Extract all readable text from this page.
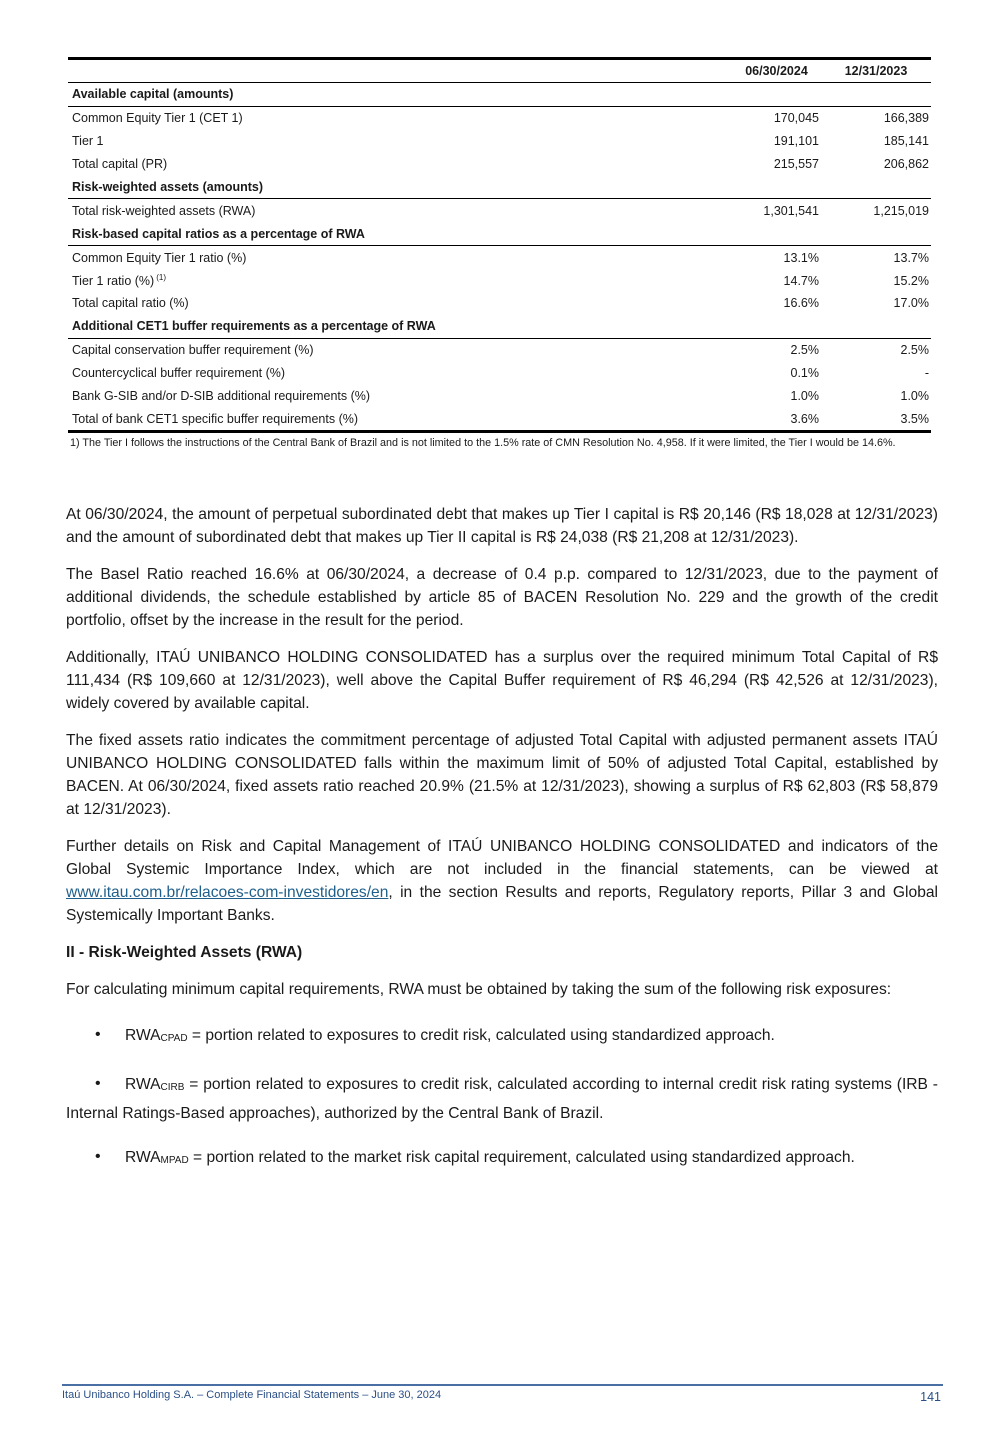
	06/30/2024	12/31/2023
Available capital (amounts)		
Common Equity Tier 1 (CET 1)	170,045	166,389
Tier 1	191,101	185,141
Total capital (PR)	215,557	206,862
Risk-weighted assets (amounts)		
Total risk-weighted assets (RWA)	1,301,541	1,215,019
Risk-based capital ratios as a percentage of RWA		
Common Equity Tier 1 ratio (%)	13.1%	13.7%
Tier 1 ratio (%) $^{(1)}$	14.7%	15.2%
Total capital ratio (%)	16.6%	17.0%
Additional CET1 buffer requirements as a percentage of RWA		
Capital conservation buffer requirement (%)	2.5%	2.5%
Countercyclical buffer requirement (%)	0.1%	-
Bank G-SIB and/or D-SIB additional requirements (%)	1.0%	1.0%
Total of bank CET1 specific buffer requirements (%)	3.6%	3.5%
1) The Tier I follows the instructions of the Central Bank of Brazil and is not limited to the 1.5% rate of CMN Resolution No. 4,958. If it were limited, the Tier I would be 14.6%.

At 06/30/2024, the amount of perpetual subordinated debt that makes up Tier I capital is R$ 20,146 (R$ 18,028 at 12/31/2023) and the amount of subordinated debt that makes up Tier II capital is R$ 24,038 (R$ 21,208 at 12/31/2023).

The Basel Ratio reached 16.6% at 06/30/2024, a decrease of 0.4 p.p. compared to 12/31/2023, due to the payment of additional dividends, the schedule established by article 85 of BACEN Resolution No. 229 and the growth of the credit portfolio, offset by the increase in the result for the period.

Additionally, ITAÚ UNIBANCO HOLDING CONSOLIDATED has a surplus over the required minimum Total Capital of R$ 111,434 (R$ 109,660 at 12/31/2023), well above the Capital Buffer requirement of R$ 46,294 (R$ 42,526 at 12/31/2023), widely covered by available capital.

The fixed assets ratio indicates the commitment percentage of adjusted Total Capital with adjusted permanent assets ITAÚ UNIBANCO HOLDING CONSOLIDATED falls within the maximum limit of 50% of adjusted Total Capital, established by BACEN. At 06/30/2024, fixed assets ratio reached 20.9% (21.5% at 12/31/2023), showing a surplus of R$ 62,803 (R$ 58,879 at 12/31/2023).

Further details on Risk and Capital Management of ITAÚ UNIBANCO HOLDING CONSOLIDATED and indicators of the Global Systemic Importance Index, which are not included in the financial statements, can be viewed at www.itau.com.br/relacoes-com-investidores/en, in the section Results and reports, Regulatory reports, Pillar 3 and Global Systemically Important Banks.

II - Risk-Weighted Assets (RWA)

For calculating minimum capital requirements, RWA must be obtained by taking the sum of the following risk exposures:

• $RWA_{CPAD}$ = portion related to exposures to credit risk, calculated using standardized approach.
• $RWA_{CIRB}$ = portion related to exposures to credit risk, calculated according to internal credit risk rating systems (IRB - Internal Ratings-Based approaches), authorized by the Central Bank of Brazil.
• $RWA_{MPAD}$ = portion related to the market risk capital requirement, calculated using standardized approach.
Itaú Unibanco Holding S.A. – Complete Financial Statements – June 30, 2024	141
